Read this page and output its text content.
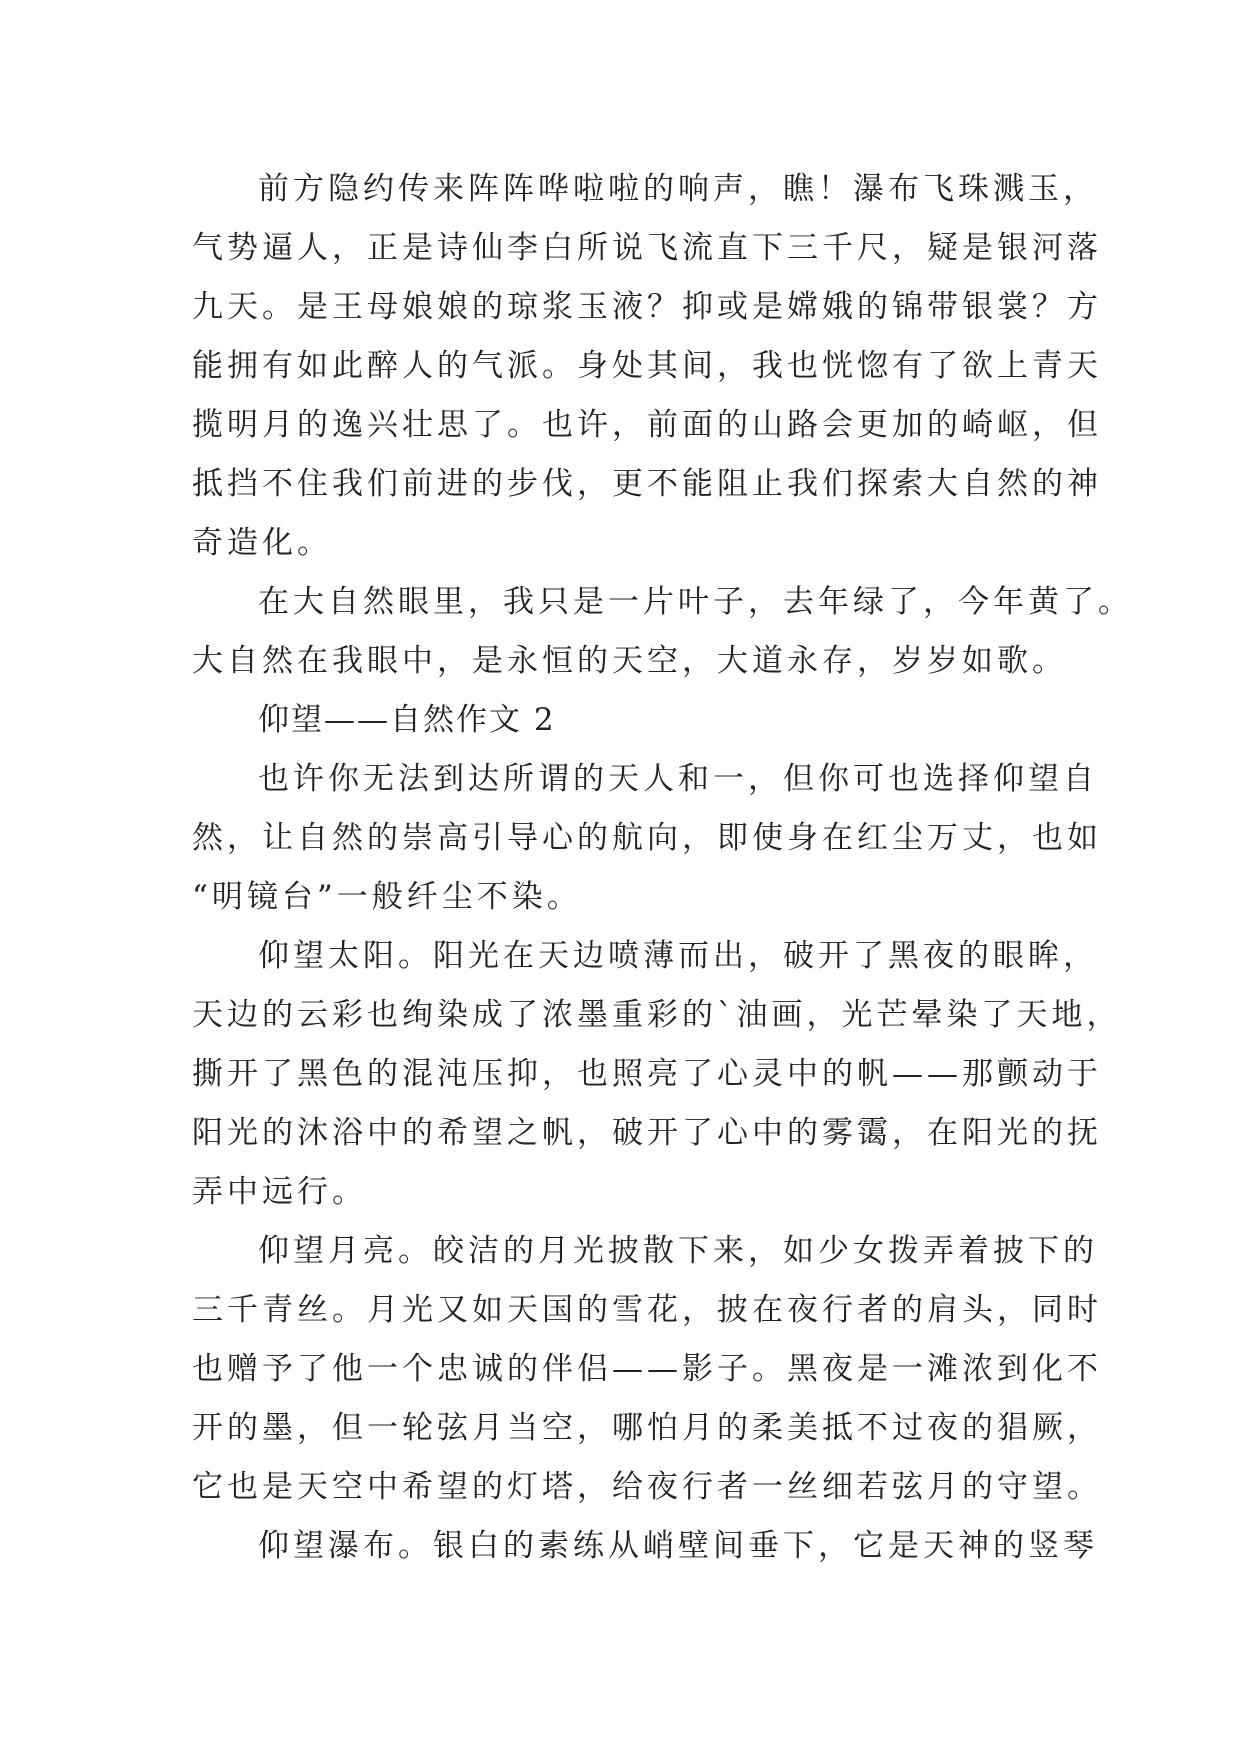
前方隐约传来阵阵哗啦啦的响声，瞧！瀑布飞珠溅玉，
气势逼人，正是诗仙李白所说飞流直下三千尺，疑是银河落
九天。是王母娘娘的琼浆玉液？抑或是嫦娥的锦带银裳？方
能拥有如此醉人的气派。身处其间，我也恍惚有了欲上青天
揽明月的逸兴壮思了。也许，前面的山路会更加的崎岖，但
抵挡不住我们前进的步伐，更不能阻止我们探索大自然的神
奇造化。
在大自然眼里，我只是一片叶子，去年绿了，今年黄了。
大自然在我眼中，是永恒的天空，大道永存，岁岁如歌。
仰望——自然作文 2
也许你无法到达所谓的天人和一，但你可也选择仰望自
然，让自然的崇高引导心的航向，即使身在红尘万丈，也如
“明镜台”一般纤尘不染。
仰望太阳。阳光在天边喷薄而出，破开了黑夜的眼眸，
天边的云彩也绚染成了浓墨重彩的`油画，光芒晕染了天地，
撕开了黑色的混沌压抑，也照亮了心灵中的帆——那颤动于
阳光的沐浴中的希望之帆，破开了心中的雾霭，在阳光的抚
弄中远行。
仰望月亮。皎洁的月光披散下来，如少女拨弄着披下的
三千青丝。月光又如天国的雪花，披在夜行者的肩头，同时
也赠予了他一个忠诚的伴侣——影子。黑夜是一滩浓到化不
开的墨，但一轮弦月当空，哪怕月的柔美抵不过夜的猖厥，
它也是天空中希望的灯塔，给夜行者一丝细若弦月的守望。
仰望瀑布。银白的素练从峭壁间垂下，它是天神的竖琴
